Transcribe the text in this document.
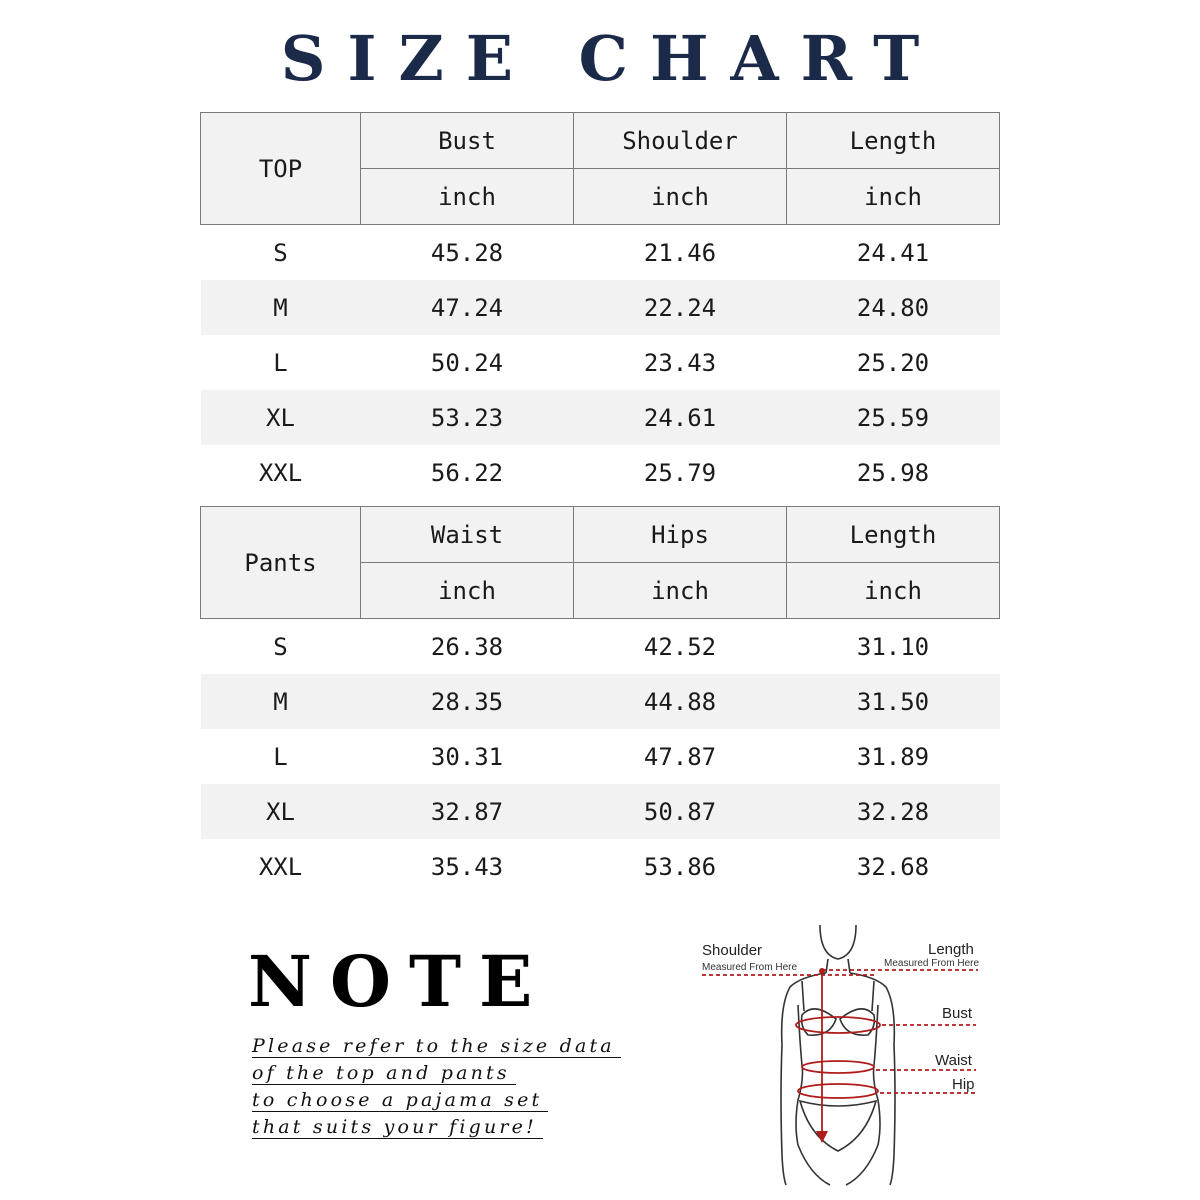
SIZE CHART
TOP	Bust	Shoulder	Length
	inch	inch	inch
S	45.28	21.46	24.41
M	47.24	22.24	24.80
L	50.24	23.43	25.20
XL	53.23	24.61	25.59
XXL	56.22	25.79	25.98
Pants	Waist	Hips	Length
	inch	inch	inch
S	26.38	42.52	31.10
M	28.35	44.88	31.50
L	30.31	47.87	31.89
XL	32.87	50.87	32.28
XXL	35.43	53.86	32.68
NOTE
Please refer to the size data
of the top and pants
to choose a pajama set
that suits your figure!
Shoulder
Measured From Here
Length
Measured From Here
Bust
Waist
Hip
